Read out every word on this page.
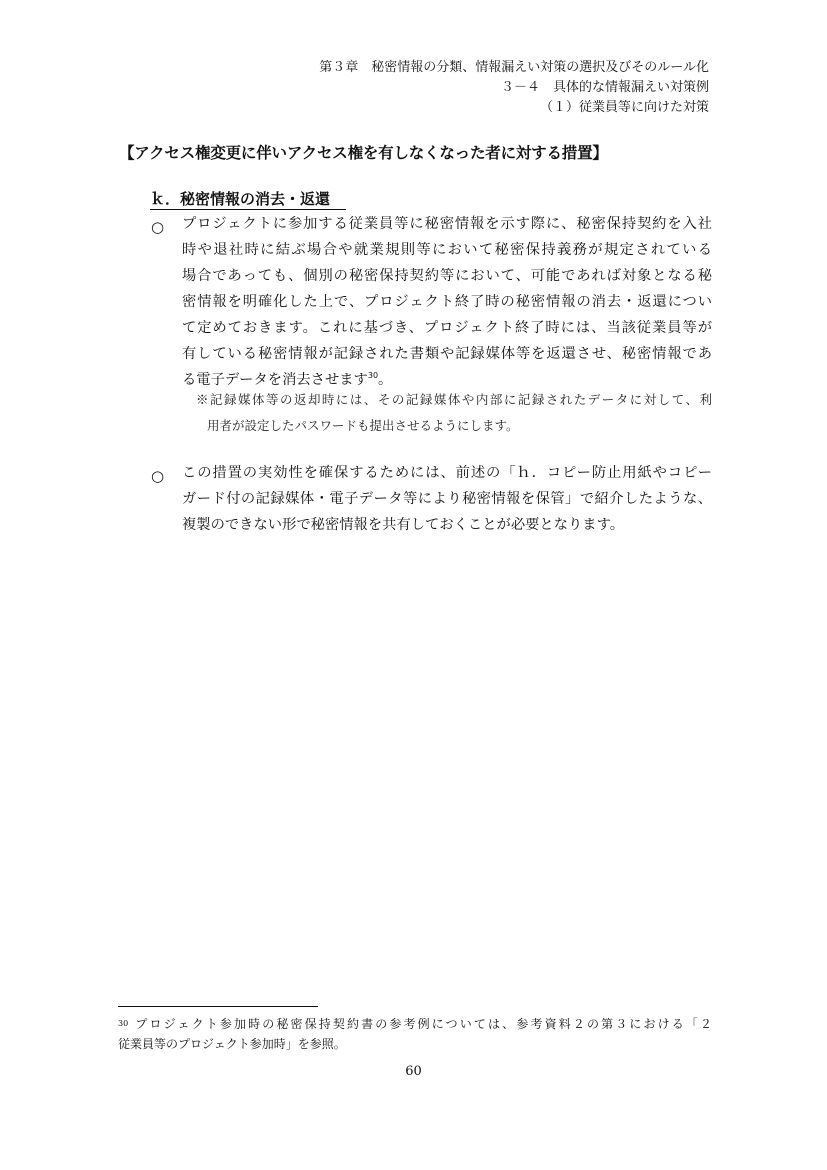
第３章　秘密情報の分類、情報漏えい対策の選択及びそのルール化
３－４　具体的な情報漏えい対策例
（１）従業員等に向けた対策
【アクセス権変更に伴いアクセス権を有しなくなった者に対する措置】
ｋ．秘密情報の消去・返還
○ プロジェクトに参加する従業員等に秘密情報を示す際に、秘密保持契約を入社
時や退社時に結ぶ場合や就業規則等において秘密保持義務が規定されている
場合であっても、個別の秘密保持契約等において、可能であれば対象となる秘
密情報を明確化した上で、プロジェクト終了時の秘密情報の消去・返還につい
て定めておきます。これに基づき、プロジェクト終了時には、当該従業員等が
有している秘密情報が記録された書類や記録媒体等を返還させ、秘密情報であ
る電子データを消去させます$^{30}$。
※記録媒体等の返却時には、その記録媒体や内部に記録されたデータに対して、利
用者が設定したパスワードも提出させるようにします。
○ この措置の実効性を確保するためには、前述の「ｈ．コピー防止用紙やコピー
ガード付の記録媒体・電子データ等により秘密情報を保管」で紹介したような、
複製のできない形で秘密情報を共有しておくことが必要となります。
$^{30}$ プロジェクト参加時の秘密保持契約書の参考例については、参考資料２の第３における「２
従業員等のプロジェクト参加時」を参照。
60
